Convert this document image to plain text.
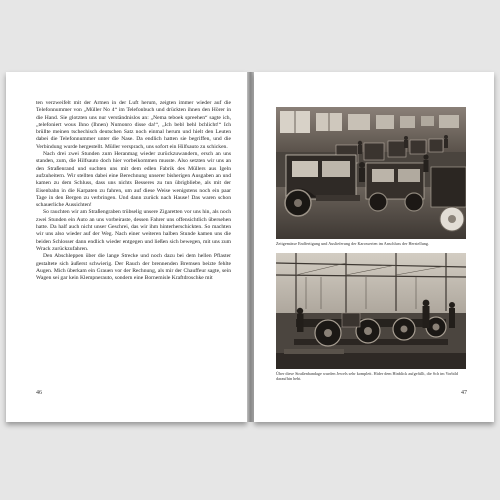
ten verzweifelt mit der Armen in der Luft herum, zeigten immer wieder auf die Telefonnummer von „Müller No 4“ im Telefonbuch und drückten ihnen den Hörer in die Hand. Sie glotzten uns nur verständnislos an: „Nema teboek spreehen“ sagte ich, „telefoniert wous Ihno (Ihnen) Numonro disse da!“, „Ich bebl behl bchlicht!“ Ich brüllte meinen tschechisch deutschen Satz noch einmal herum und hielt den Leuten dabei die Telefonnummer unter die Nase. Da endlich hatten sie begriffen, und die Verbindung wurde hergestellt. Müller versprach, uns sofort ein Hilfsauto zu schicken.

Nach drei zwei Stunden zum Heranmag wieder zurückzuwandern, ersch an uns standen, zum, die Hilfsauto doch hier vorbeikommen musste. Also setzten wir uns an den Straßenrand und suchten uns mit dem edlen Fabrik des Müllers aus Igeln aufzuheitern. Wir stellten dabei eine Berechnung unserer bisherigen Ausgaben an und kamen zu dem Schluss, dass uns nichts Besseres zu tun übrigbliebe, als mit der Eisenbahn in die Karpaten zu fahren, um auf diese Weise wenigstens noch ein paar Tage in den Bergen zu verbringen. Und dann zurück nach Hause! Das waren schon schauerliche Aussichten!

So rauchten wir am Straßengraben trübselig unsere Zigaretten vor uns hin, als noch zwei Stunden ein Auto an uns vorbeiraste, dessen Fahrer uns offensichtlich übersehen hatte. Da half auch nicht unser Geschrei, das wir ihm hinterherschickten. So machten wir uns also wieder auf der Weg. Nach einer weiteren halben Stunde kamen uns die beiden Schlosser dann endlich wieder entgegen und ließen sich bewegen, mit uns zum Wrack zurückzufahren.

Den Abschleppen über die lange Strecke und noch dazu bei dem hellen Pflaster gestaltete sich äußerst schwierig. Der Rauch der brennenden Bremsen beizte fehlte Augen. Mich überkam ein Grauen vor der Rechnung, als mir der Chauffeur sagte, sein Wagen sei gar kein Klempnerauto, sondern eine Bornemisle Kraftdroschke mit

46
Zeitgemässe Endfertigung und Auslieferung der Karosserien im Anschluss der Herstellung.
Über diese Straßenbandage wurden Jewels sehr komplett. Hider dem Hinblick aufgefüllt, die Sch im Vorbild daraufhin hebt.
47
